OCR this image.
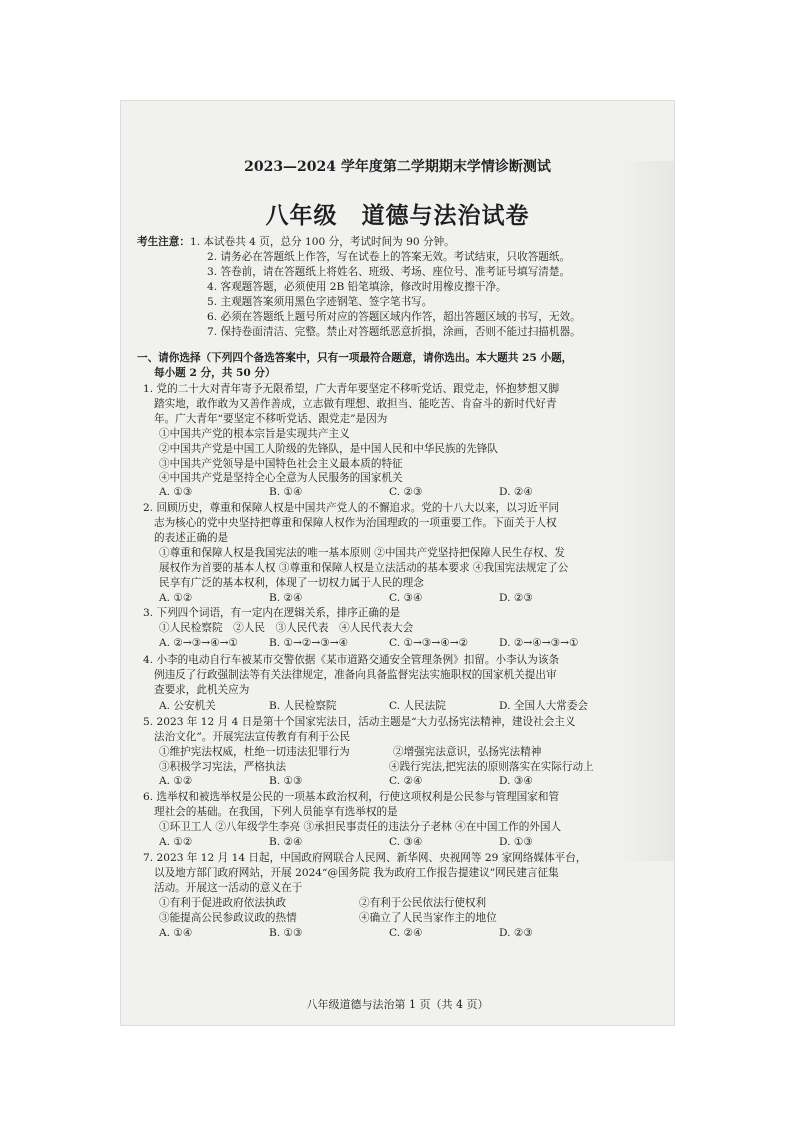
2023—2024 学年度第二学期期末学情诊断测试
八年级 道德与法治试卷
考生注意：1. 本试卷共 4 页，总分 100 分，考试时间为 90 分钟。
2. 请务必在答题纸上作答，写在试卷上的答案无效。考试结束，只收答题纸。
3. 答卷前，请在答题纸上将姓名、班级、考场、座位号、准考证号填写清楚。
4. 客观题答题，必须使用 2B 铅笔填涂，修改时用橡皮擦干净。
5. 主观题答案须用黑色字迹钢笔、签字笔书写。
6. 必须在答题纸上题号所对应的答题区域内作答，超出答题区域的书写，无效。
7. 保持卷面清洁、完整。禁止对答题纸恶意折損，涂画，否则不能过扫描机器。
一、请你选择（下列四个备选答案中，只有一项最符合题意，请你选出。本大题共 25 小题，
每小题 2 分，共 50 分）
1. 党的二十大对青年寄予无限希望，广大青年要坚定不移听党话、跟党走，怀抱梦想又脚
踏实地，敢作敢为又善作善成，立志做有理想、敢担当、能吃苦、肯奋斗的新时代好青
年。广大青年“要坚定不移听党话、跟党走”是因为
①中国共产党的根本宗旨是实现共产主义
②中国共产党是中国工人阶级的先锋队，是中国人民和中华民族的先锋队
③中国共产党领导是中国特色社会主义最本质的特征
④中国共产党是坚持全心全意为人民服务的国家机关
A. ①③	B. ①④	C. ②③	D. ②④
2. 回顾历史，尊重和保障人权是中国共产党人的不懈追求。党的十八大以来，以习近平同
志为核心的党中央坚持把尊重和保障人权作为治国理政的一项重要工作。下面关于人权
的表述正确的是
①尊重和保障人权是我国宪法的唯一基本原则 ②中国共产党坚持把保障人民生存权、发
展权作为首要的基本人权 ③尊重和保障人权是立法活动的基本要求 ④我国宪法规定了公
民享有广泛的基本权利，体现了一切权力属于人民的理念
A. ①②	B. ②④	C. ③④	D. ②③
3. 下列四个词语，有一定内在逻辑关系，排序正确的是
①人民检察院　②人民　③人民代表　④人民代表大会
A. ②→③→④→①	B. ①→②→③→④	C. ①→③→④→②	D. ②→④→③→①
4. 小李的电动自行车被某市交警依据《某市道路交通安全管理条例》扣留。小李认为该条
例违反了行政强制法等有关法律规定，准备向具备监督宪法实施职权的国家机关提出审
查要求，此机关应为
A. 公安机关	B. 人民检察院	C. 人民法院	D. 全国人大常委会
5. 2023 年 12 月 4 日是第十个国家宪法日，活动主题是“大力弘扬宪法精神，建设社会主义
法治文化”。开展宪法宣传教育有利于公民
①维护宪法权威，杜绝一切违法犯罪行为	②增强宪法意识，弘扬宪法精神
③积极学习宪法，严格执法	④践行宪法,把宪法的原则落实在实际行动上
A. ①②	B. ①③	C. ②④	D. ③④
6. 选举权和被选举权是公民的一项基本政治权利，行使这项权利是公民参与管理国家和管
理社会的基础。在我国，下列人员能享有选举权的是
①环卫工人 ②八年级学生李亮 ③承担民事责任的违法分子老林 ④在中国工作的外国人
A. ①②	B. ②④	C. ③④	D. ①③
7. 2023 年 12 月 14 日起，中国政府网联合人民网、新华网、央视网等 29 家网络媒体平台，
以及地方部门政府网站，开展 2024“@国务院 我为政府工作报告提建议”网民建言征集
活动。开展这一活动的意义在于
①有利于促进政府依法执政	②有利于公民依法行使权利
③能提高公民参政议政的热情	④确立了人民当家作主的地位
A. ①④	B. ①③	C. ②④	D. ②③
八年级道德与法治第 1 页（共 4 页）
